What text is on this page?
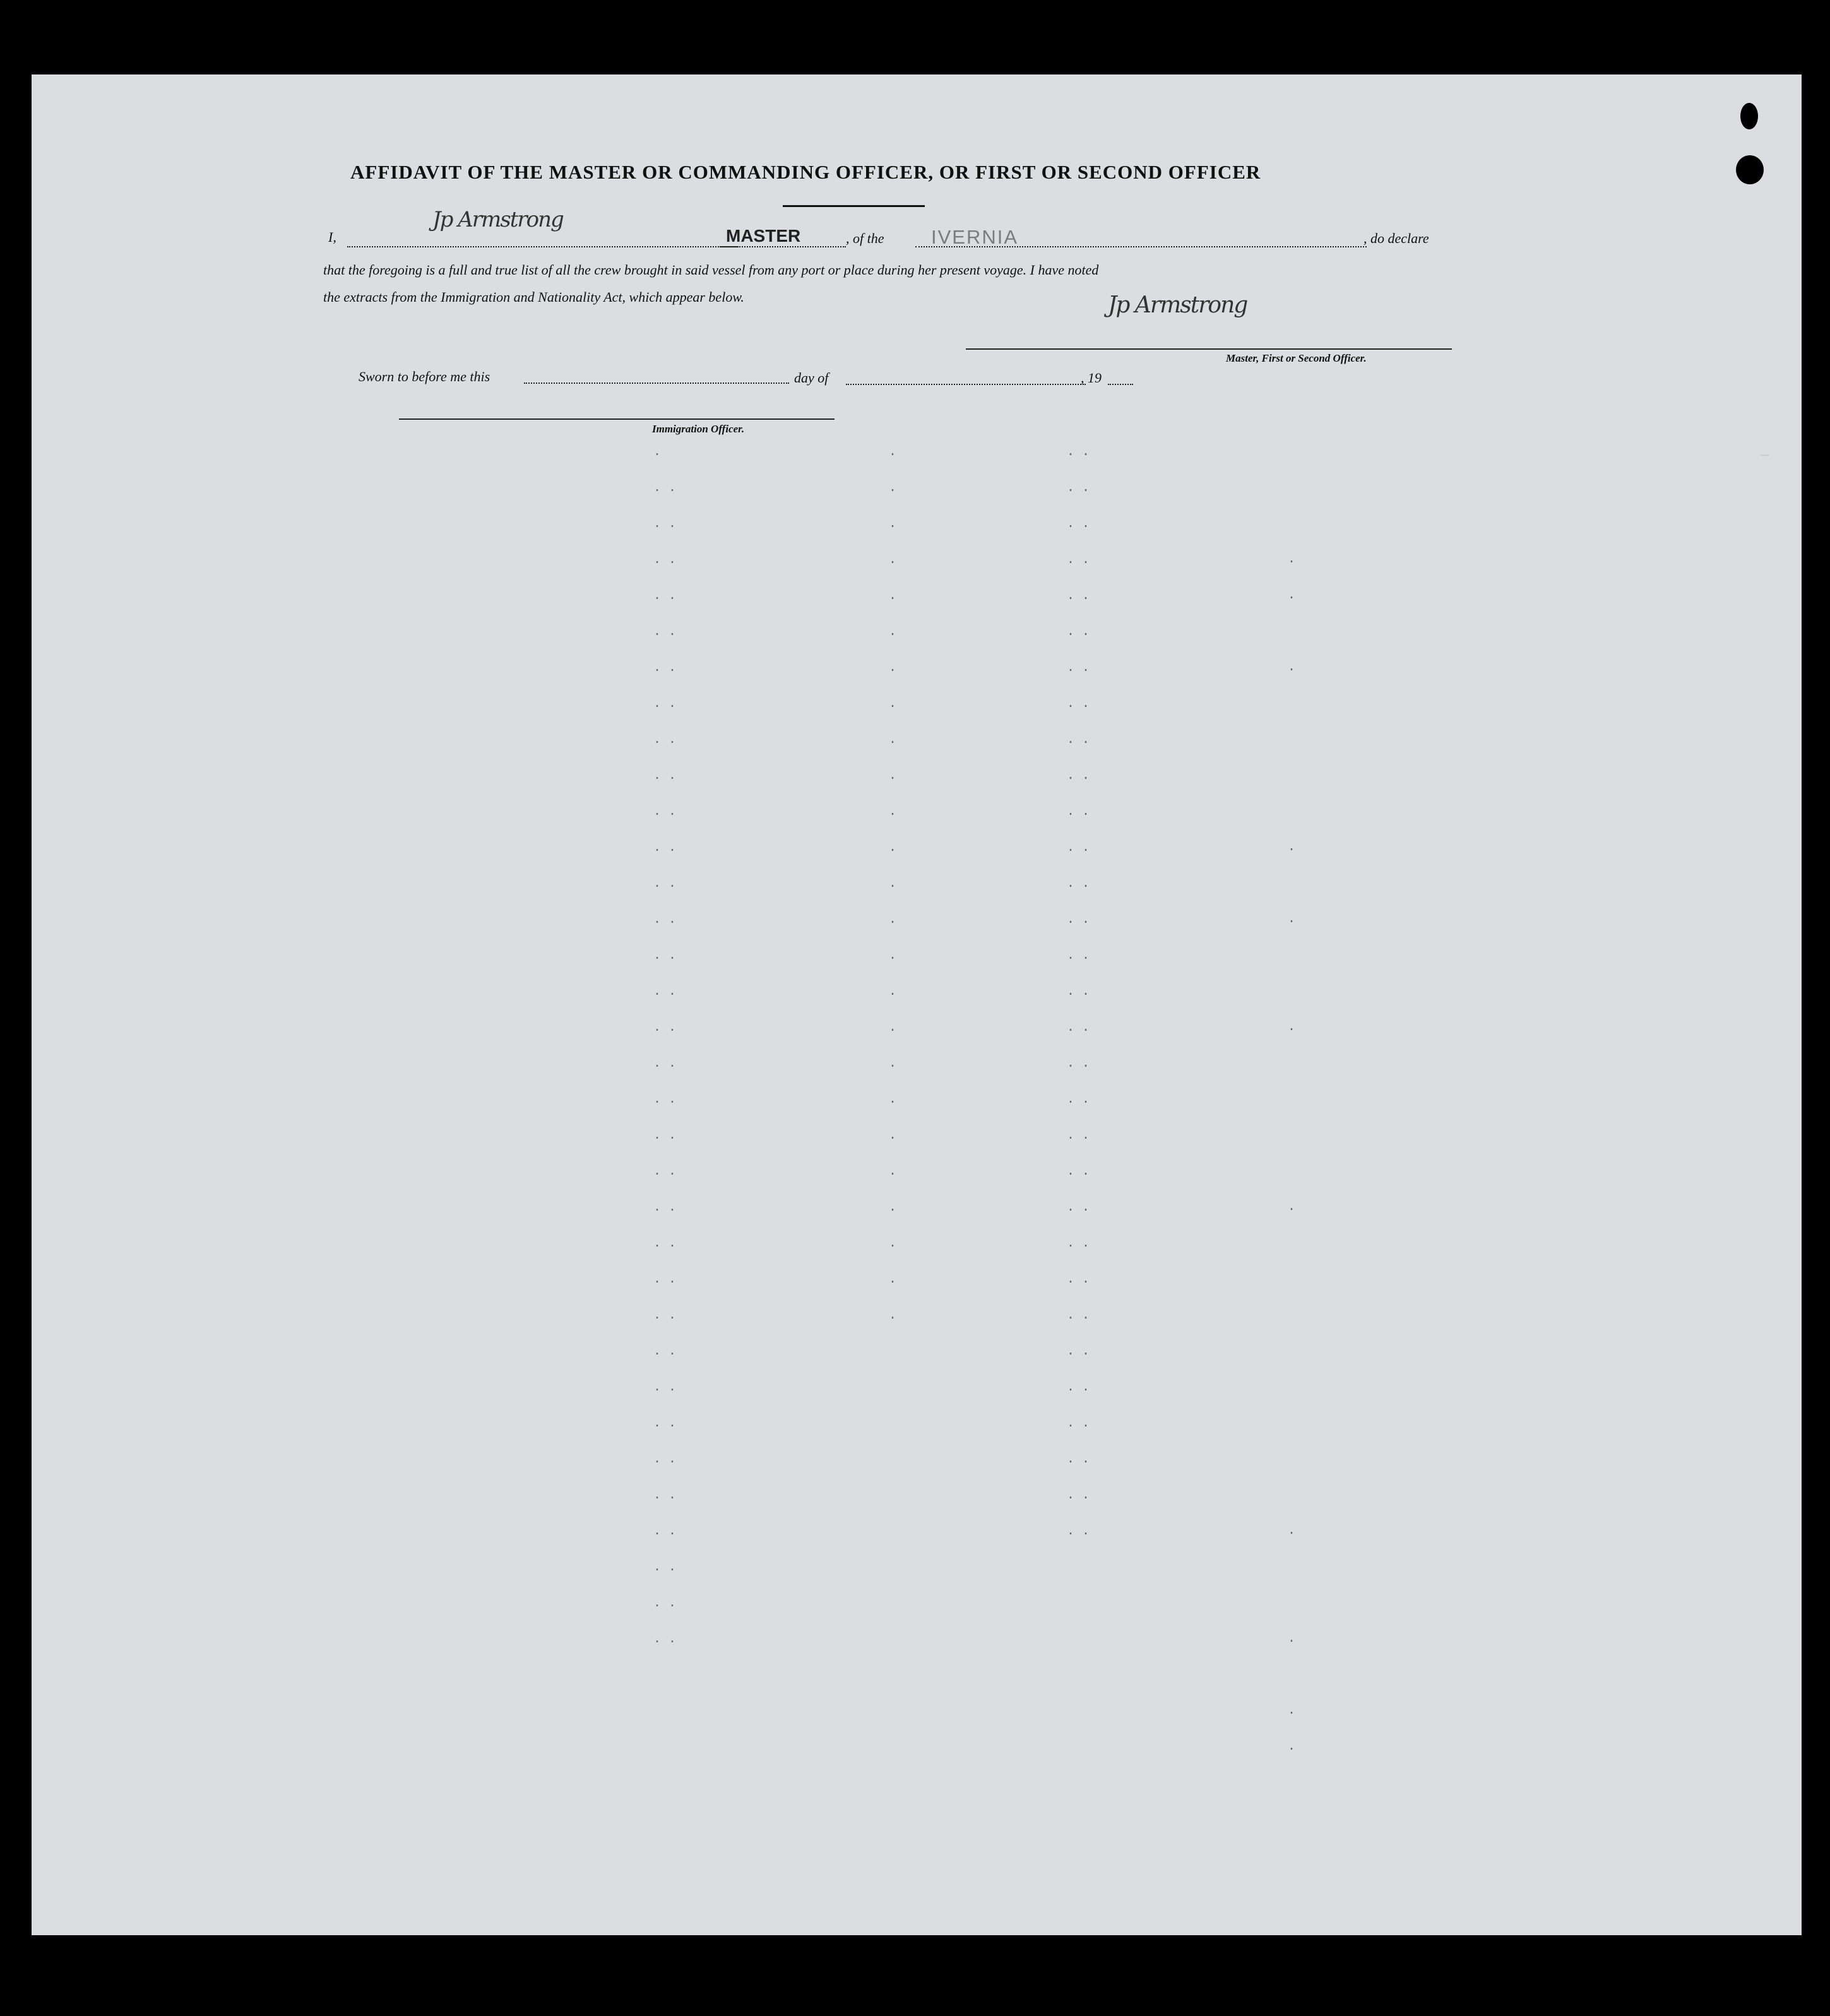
—

.
. .
. .
. .
. .
. .
. .
. .
. .
. .
. .
. .
. .
. .
. .
. .
. .
. .
. .
. .
. .
. .
. .
. .
. .
. .
. .
. .
. .
. .
. .
. .
. .
. .
.
.
.
.
.
.
.
.
.
.
.
.
.
.
.
.
.
.
.
.
.
.
.
.
.
. .
. .
. .
. .
. .
. .
. .
. .
. .
. .
. .
. .
. .
. .
. .
. .
. .
. .
. .
. .
. .
. .
. .
. .
. .
. .
. .
. .
. .
. .
. .
.
.

.

.

.

.

.

.

.

.
.
AFFIDAVIT OF THE MASTER OR COMMANDING OFFICER, OR FIRST OR SECOND OFFICER
I,
Jp Armstrong
MASTER	, of the IVERNIA	, do declare
that the foregoing is a full and true list of all the crew brought in said vessel from any port or place during her present voyage. I have noted
the extracts from the Immigration and Nationality Act, which appear below.	Jp Armstrong
Master, First or Second Officer.
Sworn to before me this	day of	, 19
Immigration Officer.
